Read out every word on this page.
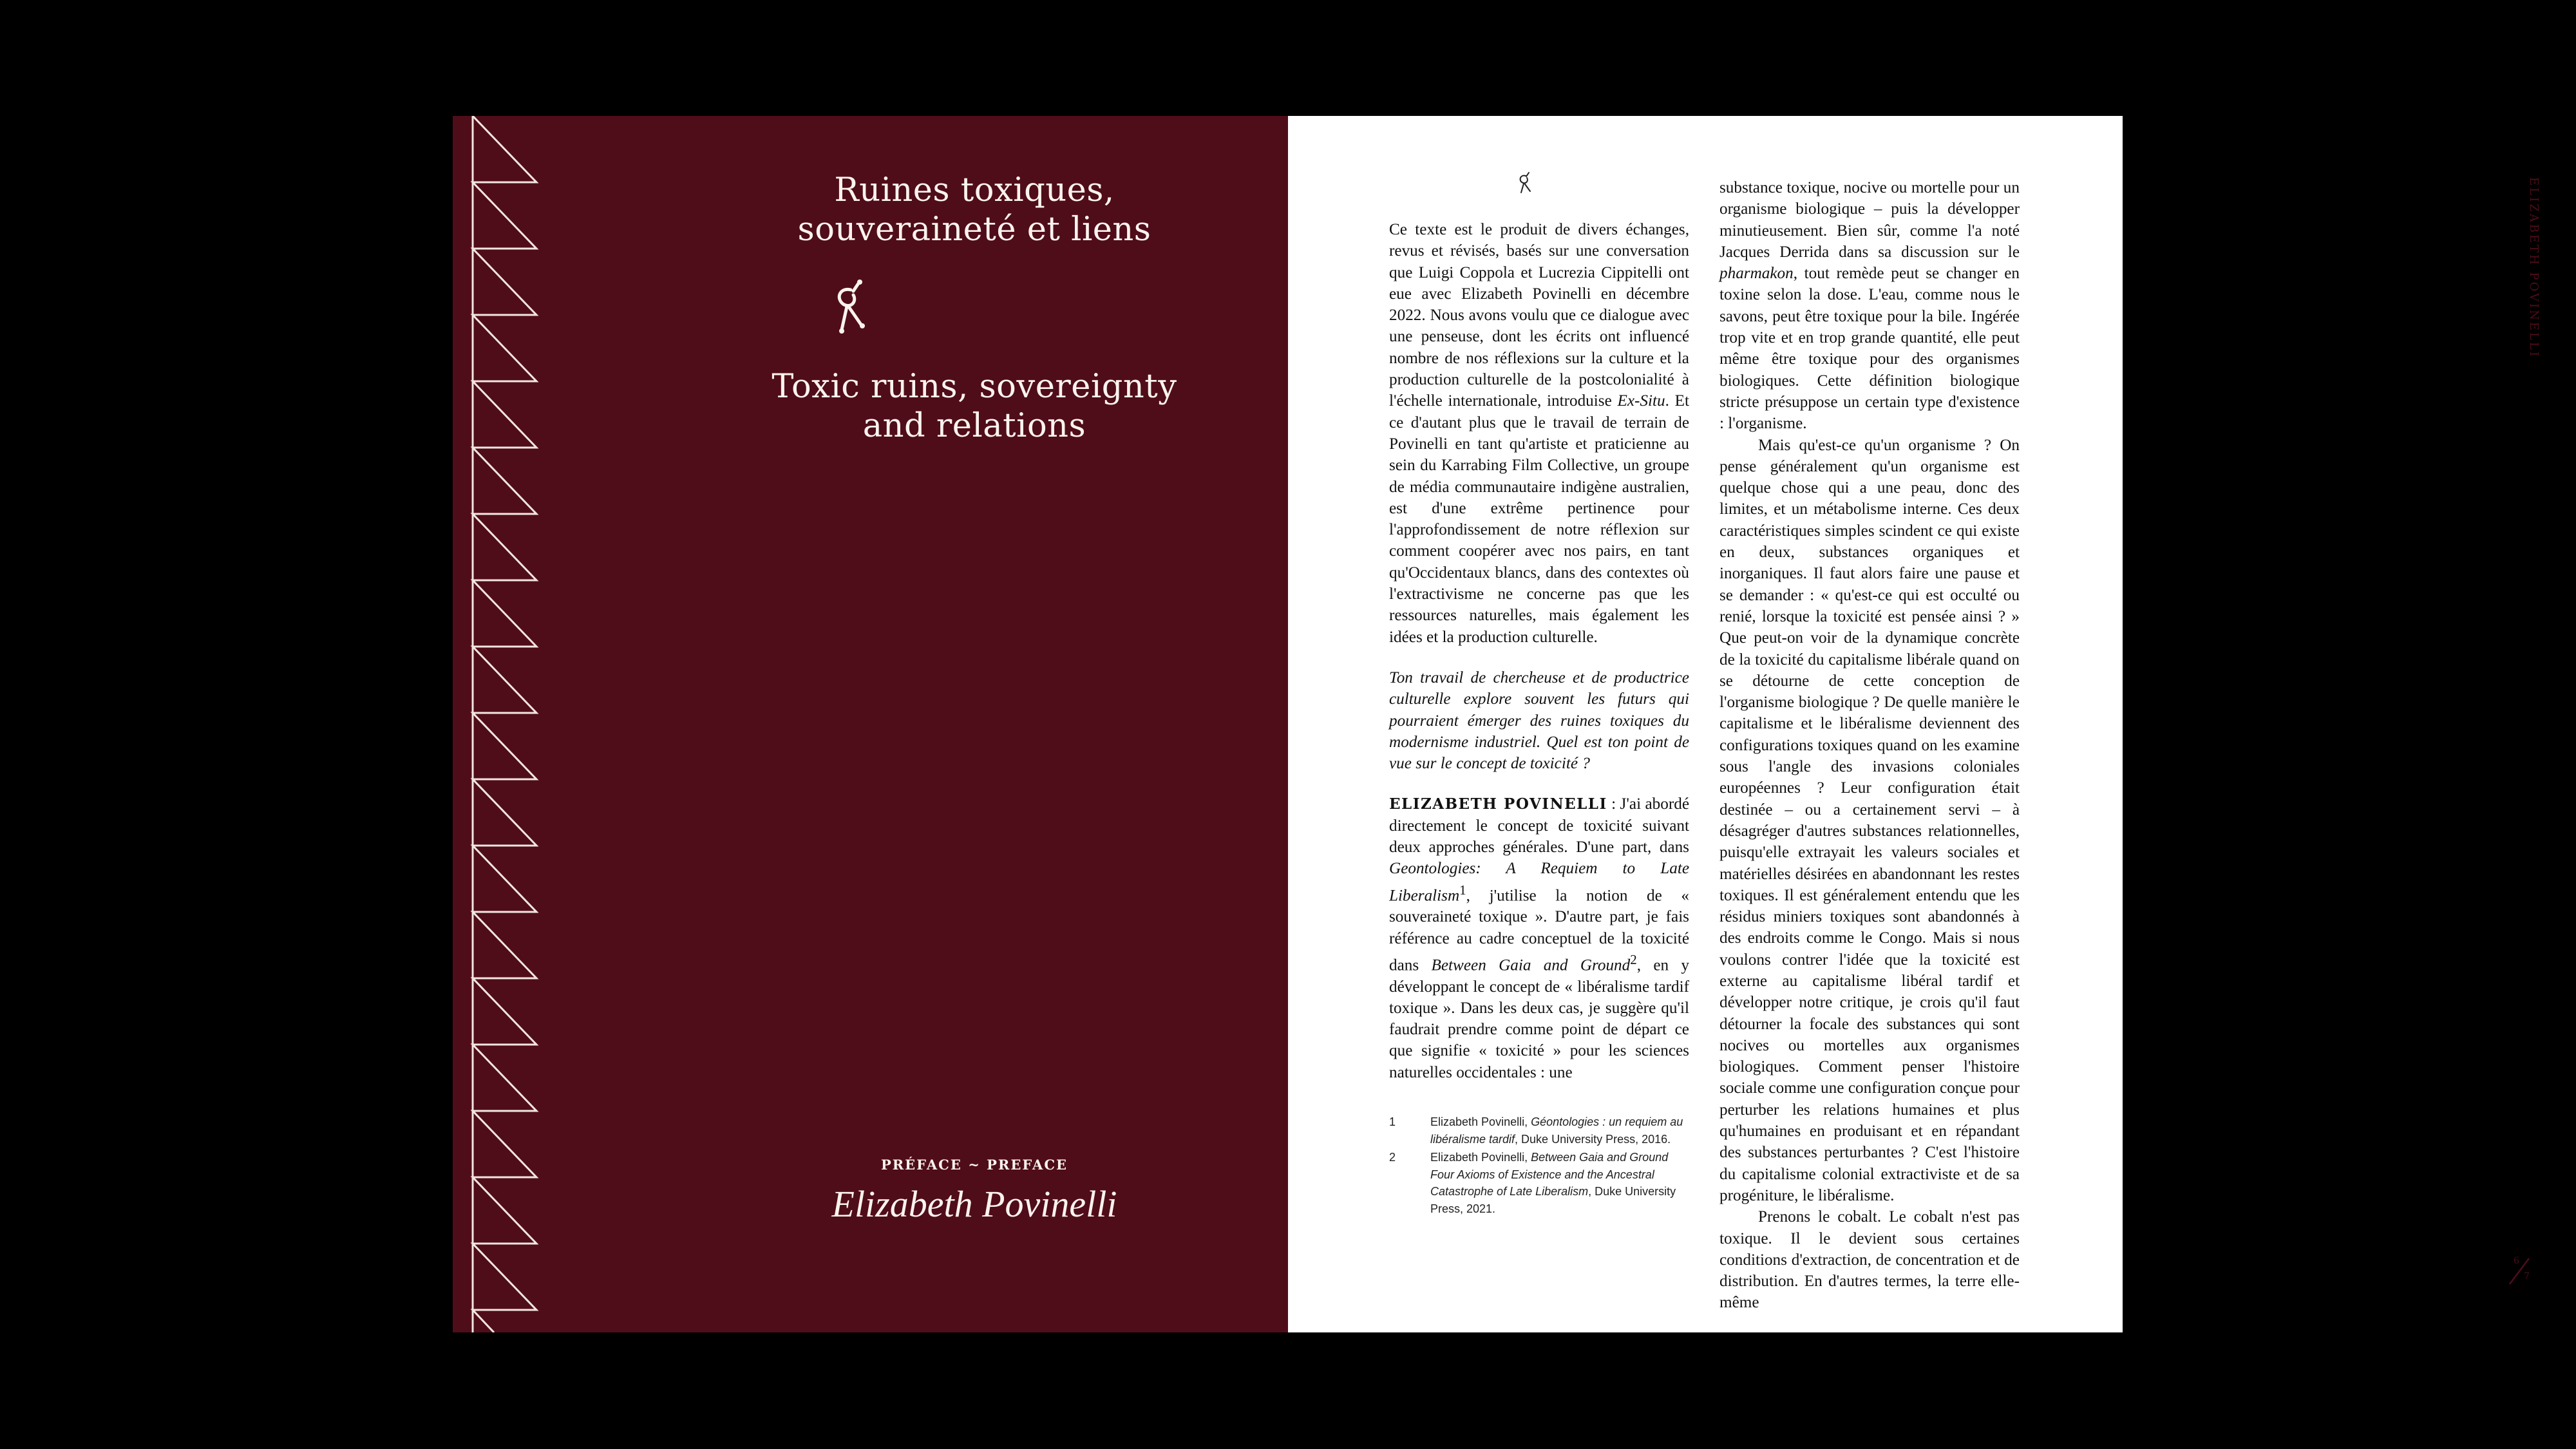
Ruines toxiques,
souveraineté et liens
Toxic ruins, sovereignty
and relations
PRÉFACE ~ PREFACE
Elizabeth Povinelli

Ce texte est le produit de divers échanges, revus et révisés, basés sur une conversation que Luigi Coppola et Lucrezia Cippitelli ont eue avec Elizabeth Povinelli en décembre 2022. Nous avons voulu que ce dialogue avec une penseuse, dont les écrits ont influencé nombre de nos réflexions sur la culture et la production culturelle de la postcolonialité à l'échelle internationale, introduise Ex-Situ. Et ce d'autant plus que le travail de terrain de Povinelli en tant qu'artiste et praticienne au sein du Karrabing Film Collective, un groupe de média communautaire indigène australien, est d'une extrême pertinence pour l'approfondissement de notre réflexion sur comment coopérer avec nos pairs, en tant qu'Occidentaux blancs, dans des contextes où l'extractivisme ne concerne pas que les ressources naturelles, mais également les idées et la production culturelle.

Ton travail de chercheuse et de productrice culturelle explore souvent les futurs qui pourraient émerger des ruines toxiques du modernisme industriel. Quel est ton point de vue sur le concept de toxicité ?

ELIZABETH POVINELLI : J'ai abordé directement le concept de toxicité suivant deux approches générales. D'une part, dans Geontologies: A Requiem to Late Liberalism$^1$, j'utilise la notion de « souveraineté toxique ». D'autre part, je fais référence au cadre conceptuel de la toxicité dans Between Gaia and Ground$^2$, en y développant le concept de « libéralisme tardif toxique ». Dans les deux cas, je suggère qu'il faudrait prendre comme point de départ ce que signifie « toxicité » pour les sciences naturelles occidentales : une

1	Elizabeth Povinelli, Géontologies : un requiem au libéralisme tardif, Duke University Press, 2016.
2	Elizabeth Povinelli, Between Gaia and Ground Four Axioms of Existence and the Ancestral Catastrophe of Late Liberalism, Duke University Press, 2021.

substance toxique, nocive ou mortelle pour un organisme biologique – puis la développer minutieusement. Bien sûr, comme l'a noté Jacques Derrida dans sa discussion sur le pharmakon, tout remède peut se changer en toxine selon la dose. L'eau, comme nous le savons, peut être toxique pour la bile. Ingérée trop vite et en trop grande quantité, elle peut même être toxique pour des organismes biologiques. Cette définition biologique stricte présuppose un certain type d'existence : l'organisme.

Mais qu'est-ce qu'un organisme ? On pense généralement qu'un organisme est quelque chose qui a une peau, donc des limites, et un métabolisme interne. Ces deux caractéristiques simples scindent ce qui existe en deux, substances organiques et inorganiques. Il faut alors faire une pause et se demander : « qu'est-ce qui est occulté ou renié, lorsque la toxicité est pensée ainsi ? » Que peut-on voir de la dynamique concrète de la toxicité du capitalisme libérale quand on se détourne de cette conception de l'organisme biologique ? De quelle manière le capitalisme et le libéralisme deviennent des configurations toxiques quand on les examine sous l'angle des invasions coloniales européennes ? Leur configuration était destinée – ou a certainement servi – à désagréger d'autres substances relationnelles, puisqu'elle extrayait les valeurs sociales et matérielles désirées en abandonnant les restes toxiques. Il est généralement entendu que les résidus miniers toxiques sont abandonnés à des endroits comme le Congo. Mais si nous voulons contrer l'idée que la toxicité est externe au capitalisme libéral tardif et développer notre critique, je crois qu'il faut détourner la focale des substances qui sont nocives ou mortelles aux organismes biologiques. Comment penser l'histoire sociale comme une configuration conçue pour perturber les relations humaines et plus qu'humaines en produisant et en répandant des substances perturbantes ? C'est l'histoire du capitalisme colonial extractiviste et de sa progéniture, le libéralisme.

Prenons le cobalt. Le cobalt n'est pas toxique. Il le devient sous certaines conditions d'extraction, de concentration et de distribution. En d'autres termes, la terre elle-même

ELIZABETH POVINELLI
6
7
